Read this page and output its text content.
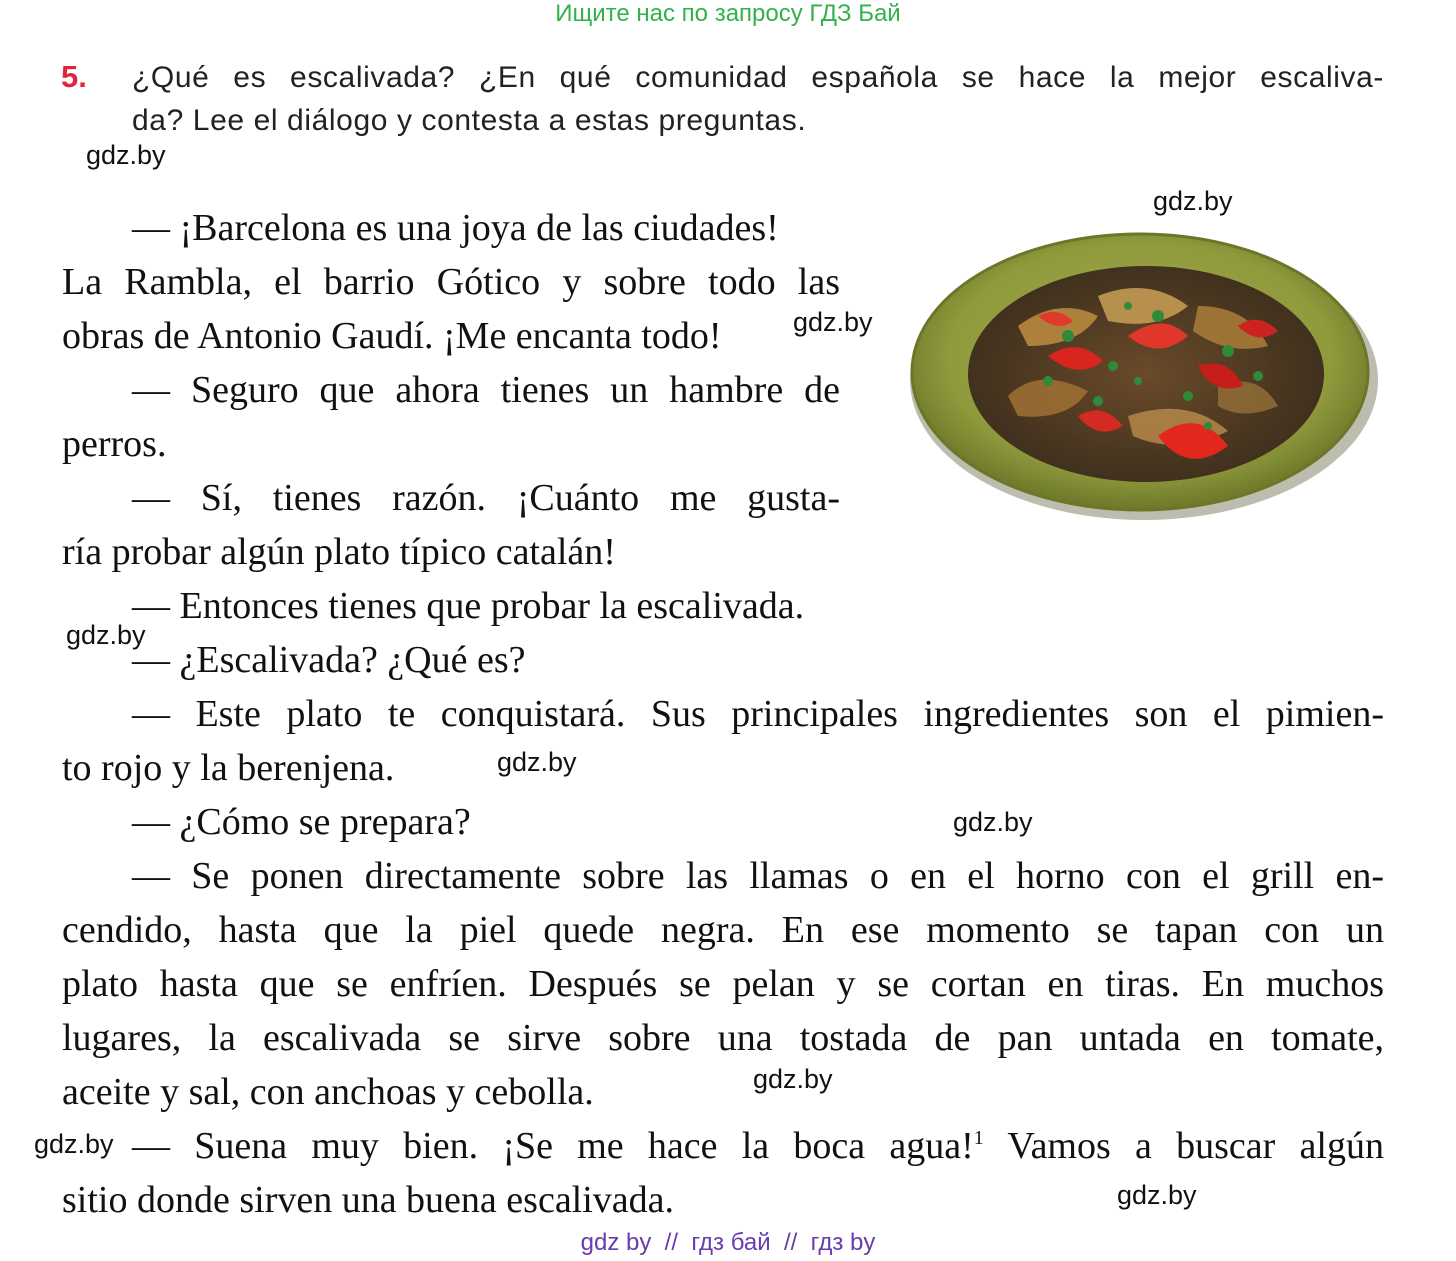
Ищите нас по запросу ГДЗ Бай
5. ¿Qué es escalivada? ¿En qué comunidad española se hace la mejor escaliva-
da? Lee el diálogo y contesta a estas preguntas.
gdz.by
gdz.by
gdz.by
gdz.by
gdz.by
gdz.by
gdz.by
gdz.by
gdz.by
— ¡Barcelona es una joya de las ciudades!
La Rambla, el barrio Gótico y sobre todo las
obras de Antonio Gaudí. ¡Me encanta todo!
— Seguro que ahora tienes un hambre de
perros.
— Sí, tienes razón. ¡Cuánto me gusta-
ría probar algún plato típico catalán!
— Entonces tienes que probar la escalivada.
— ¿Escalivada? ¿Qué es?
— Este plato te conquistará. Sus principales ingredientes son el pimien-
to rojo y la berenjena.
— ¿Cómo se prepara?
— Se ponen directamente sobre las llamas o en el horno con el grill en-
cendido, hasta que la piel quede negra. En ese momento se tapan con un
plato hasta que se enfríen. Después se pelan y se cortan en tiras. En muchos
lugares, la escalivada se sirve sobre una tostada de pan untada en tomate,
aceite y sal, con anchoas y cebolla.
— Suena muy bien. ¡Se me hace la boca agua!$^1$ Vamos a buscar algún
sitio donde sirven una buena escalivada.
gdz by  //  гдз бай  //  гдз by
